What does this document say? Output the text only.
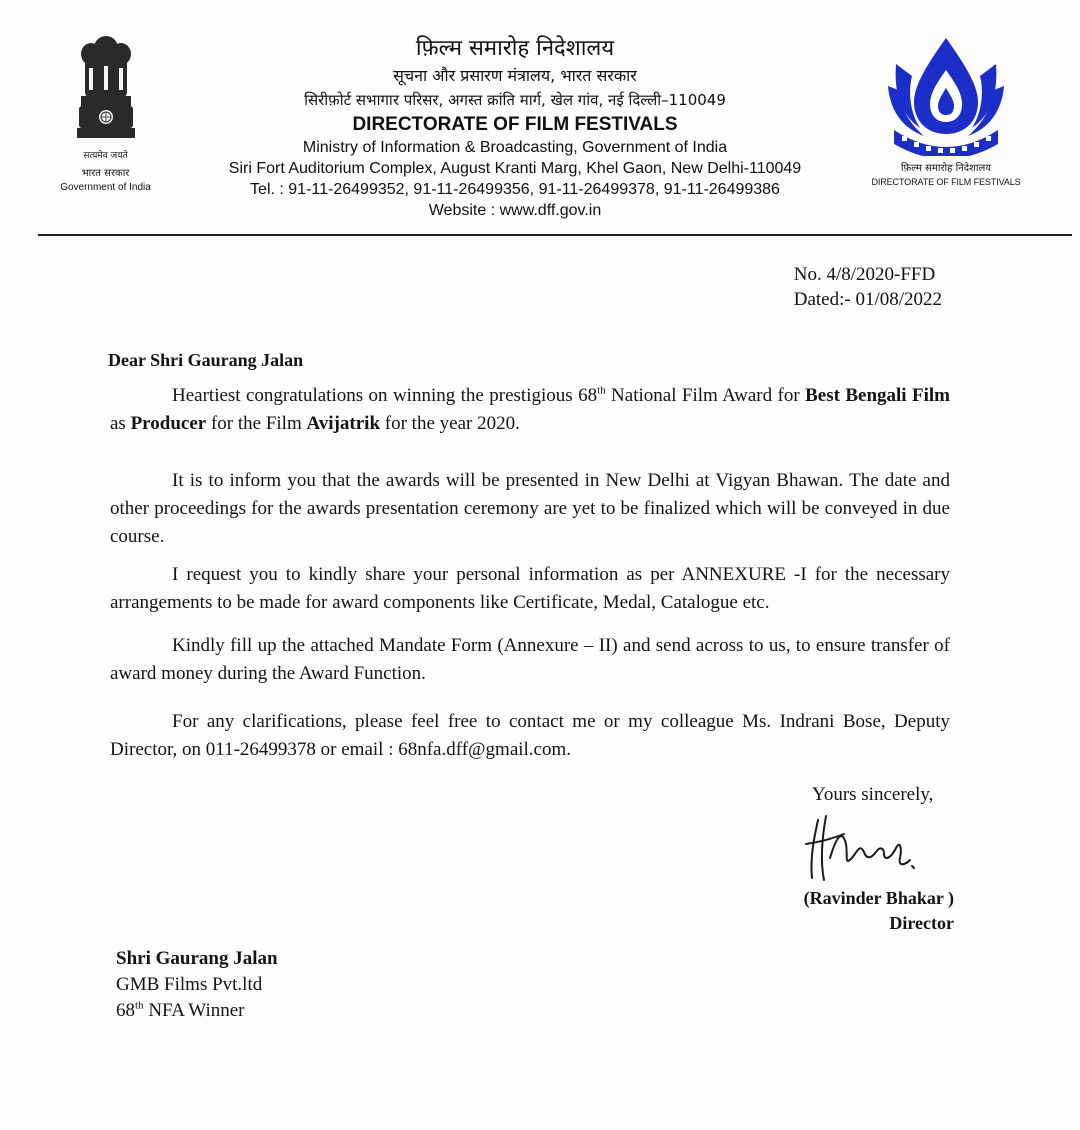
सत्यमेव जयते
भारत सरकार
Government of India
फ़िल्म समारोह निदेशालय
सूचना और प्रसारण मंत्रालय, भारत सरकार
सिरीफ़ोर्ट सभागार परिसर, अगस्त क्रांति मार्ग, खेल गांव, नई दिल्ली–110049
DIRECTORATE OF FILM FESTIVALS
Ministry of Information & Broadcasting, Government of India
Siri Fort Auditorium Complex, August Kranti Marg, Khel Gaon, New Delhi-110049
Tel. : 91-11-26499352, 91-11-26499356, 91-11-26499378, 91-11-26499386
Website : www.dff.gov.in
फ़िल्म समारोह निदेशालय
DIRECTORATE OF FILM FESTIVALS
No. 4/8/2020-FFD
Dated:- 01/08/2022
Dear Shri Gaurang Jalan
Heartiest congratulations on winning the prestigious 68th National Film Award for Best Bengali Film as Producer for the Film Avijatrik for the year 2020.
It is to inform you that the awards will be presented in New Delhi at Vigyan Bhawan. The date and other proceedings for the awards presentation ceremony are yet to be finalized which will be conveyed in due course.
I request you to kindly share your personal information as per ANNEXURE -I for the necessary arrangements to be made for award components like Certificate, Medal, Catalogue etc.
Kindly fill up the attached Mandate Form (Annexure – II) and send across to us, to ensure transfer of award money during the Award Function.
For any clarifications, please feel free to contact me or my colleague Ms. Indrani Bose, Deputy Director, on 011-26499378 or email : 68nfa.dff@gmail.com.
Yours sincerely,
(Ravinder Bhakar )
Director
Shri Gaurang Jalan
GMB Films Pvt.ltd
68th NFA Winner
